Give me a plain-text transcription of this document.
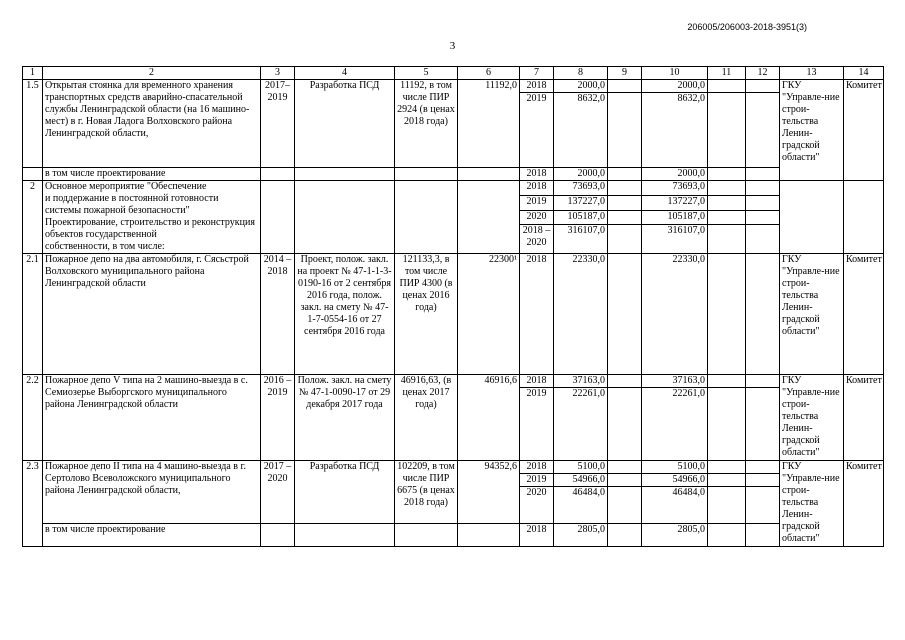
206005/206003-2018-3951(3)
3
1	2	3	4	5	6	7	8	9	10	11	12	13	14
1.5	Открытая стоянка для временного хранения транспортных средств аварийно-спасательной службы Ленинградской области (на 16 машино-мест) в г. Новая Ладога Волховского района Ленинградской области,	2017–2019	Разработка ПСД	11192, в том числе ПИР 2924 (в ценах 2018 года)	11192,0	2018	2000,0		2000,0			ГКУ "Управле-ние строи-тельства Ленин-градской области"	Комитет
						2019	8632,0		8632,0				
	в том числе проектирование					2018	2000,0		2000,0				
2	Основное мероприятие "Обеспечение
и поддержание в постоянной готовности
системы пожарной безопасности"
Проектирование, строительство и реконструкция объектов государственной
собственности, в том числе:					2018	73693,0		73693,0				
						2019	137227,0		137227,0				
						2020	105187,0		105187,0				
						2018 – 2020	316107,0		316107,0				
2.1	Пожарное депо на два автомобиля, г. Сясьстрой Волховского муниципального района Ленинградской области	2014 – 2018	Проект, полож. закл. на проект № 47-1-1-3-0190-16 от 2 сентября 2016 года, полож. закл. на смету № 47-1-7-0554-16 от 27 сентября 2016 года	121133,3, в том числе ПИР 4300 (в ценах 2016 года)	22300¹	2018	22330,0		22330,0			ГКУ "Управле-ние строи-тельства Ленин-градской области"	Комитет
2.2	Пожарное депо V типа на 2 машино-выезда в с. Семиозерье Выборгского муниципального района Ленинградской области	2016 – 2019	Полож. закл. на смету № 47-1-0090-17 от 29 декабря 2017 года	46916,63, (в ценах 2017 года)	46916,6	2018	37163,0		37163,0			ГКУ "Управле-ние строи-тельства Ленин-градской области"	Комитет
						2019	22261,0		22261,0				
2.3	Пожарное депо II типа на 4 машино-выезда в г. Сертолово Всеволожского муниципального района Ленинградской области,	2017 – 2020	Разработка ПСД	102209, в том числе ПИР 6675 (в ценах 2018 года)	94352,6	2018	5100,0		5100,0			ГКУ "Управле-ние строи-тельства Ленин-градской области"	Комитет
						2019	54966,0		54966,0				
						2020	46484,0		46484,0				
	в том числе проектирование					2018	2805,0		2805,0				
